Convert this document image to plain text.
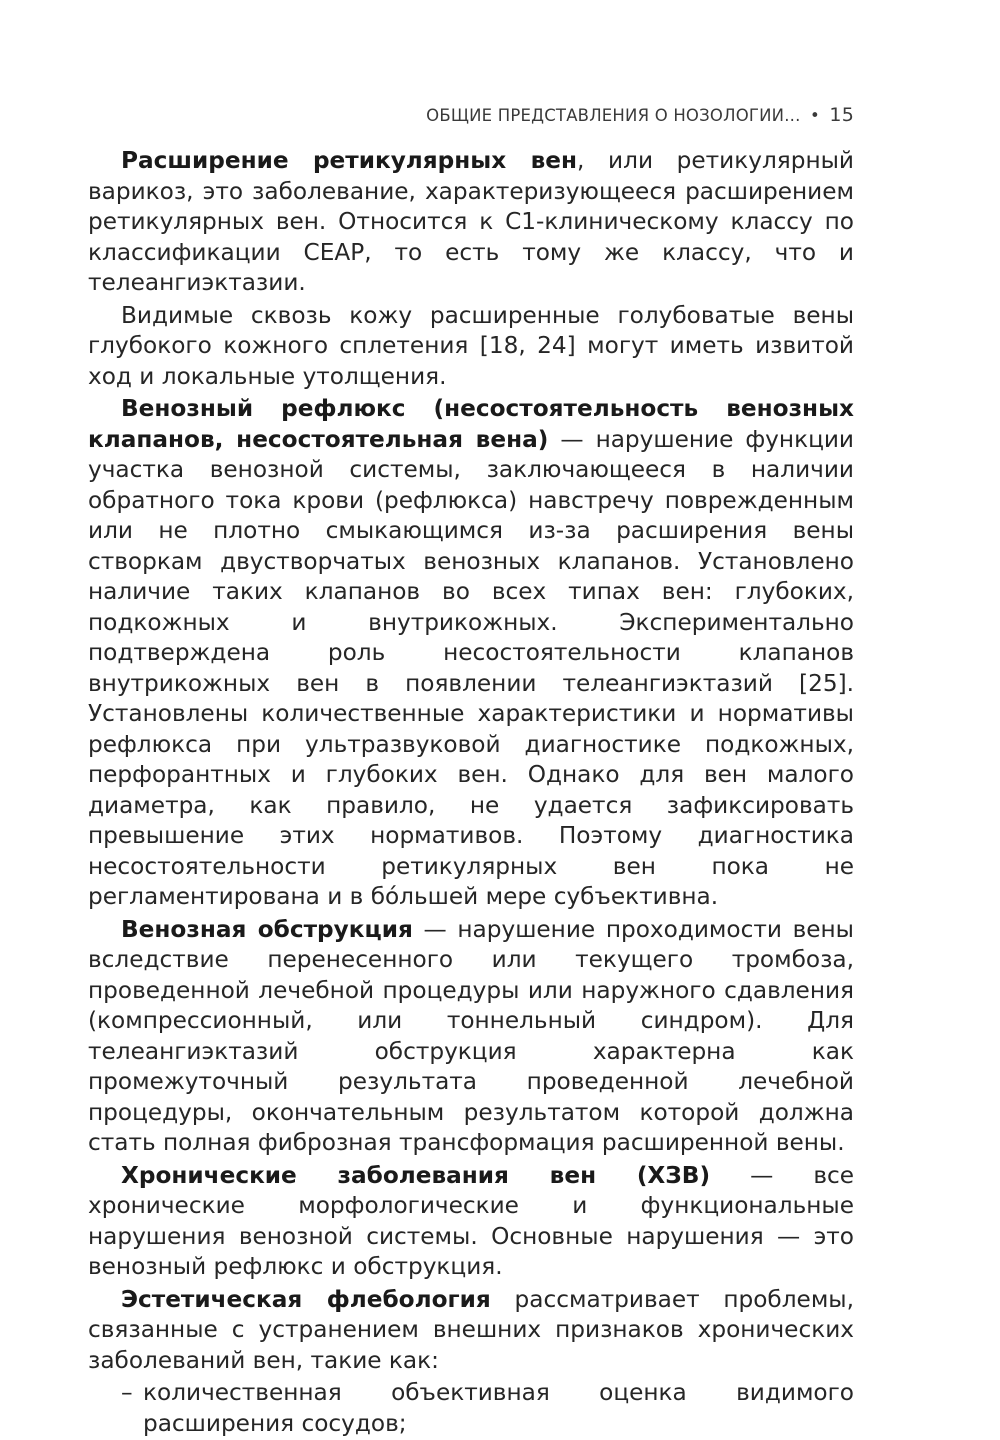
ОБЩИЕ ПРЕДСТАВЛЕНИЯ О НОЗОЛОГИИ... • 15

Расширение ретикулярных вен, или ретикулярный варикоз, это заболевание, характеризующееся расширением ретикулярных вен. Относится к С1-клиническому классу по классификации CEAP, то есть тому же классу, что и телеангиэктазии.

Видимые сквозь кожу расширенные голубоватые вены глубокого кожного сплетения [18, 24] могут иметь извитой ход и локальные утолщения.

Венозный рефлюкс (несостоятельность венозных клапанов, несостоятельная вена) — нарушение функции участка венозной системы, заключающееся в наличии обратного тока крови (рефлюкса) навстречу поврежденным или не плотно смыкающимся из-за расширения вены створкам двустворчатых венозных клапанов. Установлено наличие таких клапанов во всех типах вен: глубоких, подкожных и внутрикожных. Экспериментально подтверждена роль несостоятельности клапанов внутрикожных вен в появлении телеангиэктазий [25]. Установлены количественные характеристики и нормативы рефлюкса при ультразвуковой диагностике подкожных, перфорантных и глубоких вен. Однако для вен малого диаметра, как правило, не удается зафиксировать превышение этих нормативов. Поэтому диагностика несостоятельности ретикулярных вен пока не регламентирована и в бóльшей мере субъективна.

Венозная обструкция — нарушение проходимости вены вследствие перенесенного или текущего тромбоза, проведенной лечебной процедуры или наружного сдавления (компрессионный, или тоннельный синдром). Для телеангиэктазий обструкция характерна как промежуточный результата проведенной лечебной процедуры, окончательным результатом которой должна стать полная фиброзная трансформация расширенной вены.

Хронические заболевания вен (ХЗВ) — все хронические морфологические и функциональные нарушения венозной системы. Основные нарушения — это венозный рефлюкс и обструкция.

Эстетическая флебология рассматривает проблемы, связанные с устранением внешних признаков хронических заболеваний вен, такие как:

– количественная объективная оценка видимого расширения сосудов;
